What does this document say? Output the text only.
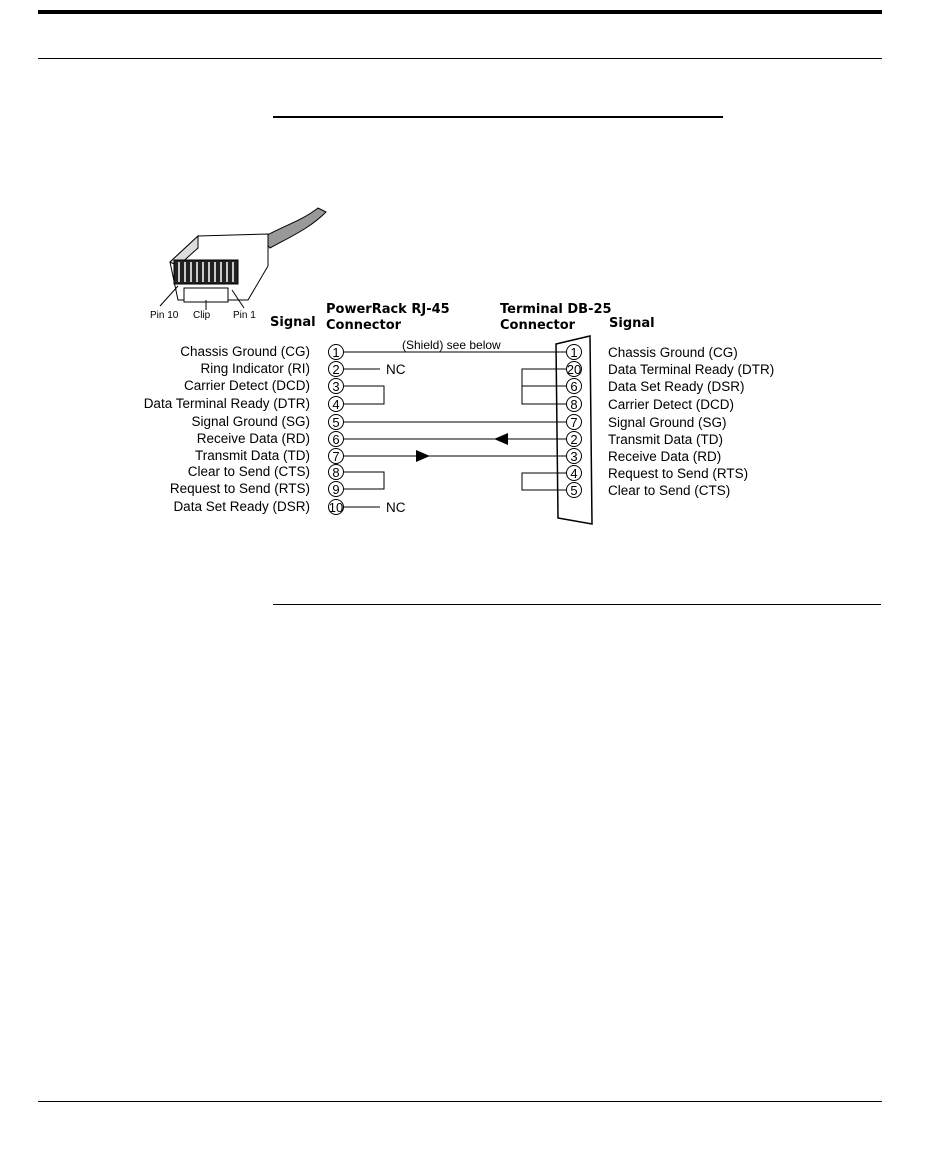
Pin 10 Clip Pin 1 Signal
PowerRack RJ-45
Connector
Terminal DB-25
Connector	Signal
Chassis Ground (CG)
Ring Indicator (RI)
Carrier Detect (DCD)
Data Terminal Ready (DTR)
Signal Ground (SG)
Receive Data (RD)
Transmit Data (TD)
Clear to Send (CTS)
Request to Send (RTS)
Data Set Ready (DSR)
1
2
3
4
5
6
7
8
9
10
1
20
6
8
7
2
3
4
5
Chassis Ground (CG)
Data Terminal Ready (DTR)
Data Set Ready (DSR)
Carrier Detect (DCD)
Signal Ground (SG)
Transmit Data (TD)
Receive Data (RD)
Request to Send (RTS)
Clear to Send (CTS)
(Shield) see below
NC
NC
